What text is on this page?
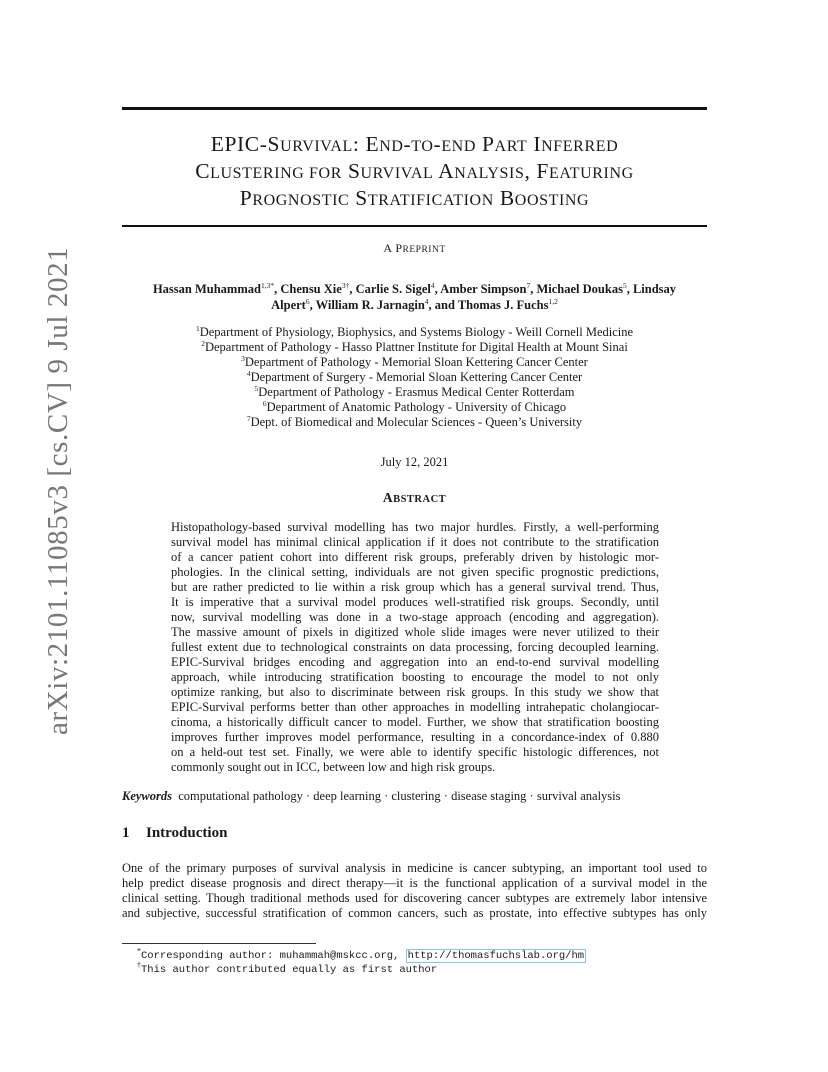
arXiv:2101.11085v3 [cs.CV] 9 Jul 2021
EPIC-SURVIVAL: END-TO-END PART INFERRED
CLUSTERING FOR SURVIVAL ANALYSIS, FEATURING
PROGNOSTIC STRATIFICATION BOOSTING
A PREPRINT
Hassan Muhammad$^{1,3*}$, Chensu Xie$^{3\dagger}$, Carlie S. Sigel$^4$, Amber Simpson$^7$, Michael Doukas$^5$, Lindsay
Alpert$^6$, William R. Jarnagin$^4$, and Thomas J. Fuchs$^{1,2}$
$^1$Department of Physiology, Biophysics, and Systems Biology - Weill Cornell Medicine
$^2$Department of Pathology - Hasso Plattner Institute for Digital Health at Mount Sinai
$^3$Department of Pathology - Memorial Sloan Kettering Cancer Center
$^4$Department of Surgery - Memorial Sloan Kettering Cancer Center
$^5$Department of Pathology - Erasmus Medical Center Rotterdam
$^6$Department of Anatomic Pathology - University of Chicago
$^7$Dept. of Biomedical and Molecular Sciences - Queen’s University
July 12, 2021
ABSTRACT
Histopathology-based survival modelling has two major hurdles. Firstly, a well-performing
survival model has minimal clinical application if it does not contribute to the stratification
of a cancer patient cohort into different risk groups, preferably driven by histologic mor-
phologies. In the clinical setting, individuals are not given specific prognostic predictions,
but are rather predicted to lie within a risk group which has a general survival trend. Thus,
It is imperative that a survival model produces well-stratified risk groups. Secondly, until
now, survival modelling was done in a two-stage approach (encoding and aggregation).
The massive amount of pixels in digitized whole slide images were never utilized to their
fullest extent due to technological constraints on data processing, forcing decoupled learning.
EPIC-Survival bridges encoding and aggregation into an end-to-end survival modelling
approach, while introducing stratification boosting to encourage the model to not only
optimize ranking, but also to discriminate between risk groups. In this study we show that
EPIC-Survival performs better than other approaches in modelling intrahepatic cholangiocar-
cinoma, a historically difficult cancer to model. Further, we show that stratification boosting
improves further improves model performance, resulting in a concordance-index of 0.880
on a held-out test set. Finally, we were able to identify specific histologic differences, not
commonly sought out in ICC, between low and high risk groups.
Keywords computational pathology · deep learning · clustering · disease staging · survival analysis
1 Introduction
One of the primary purposes of survival analysis in medicine is cancer subtyping, an important tool used to
help predict disease prognosis and direct therapy—it is the functional application of a survival model in the
clinical setting. Though traditional methods used for discovering cancer subtypes are extremely labor intensive
and subjective, successful stratification of common cancers, such as prostate, into effective subtypes has only
*Corresponding author: muhammah@mskcc.org, http://thomasfuchslab.org/hm
†This author contributed equally as first author
